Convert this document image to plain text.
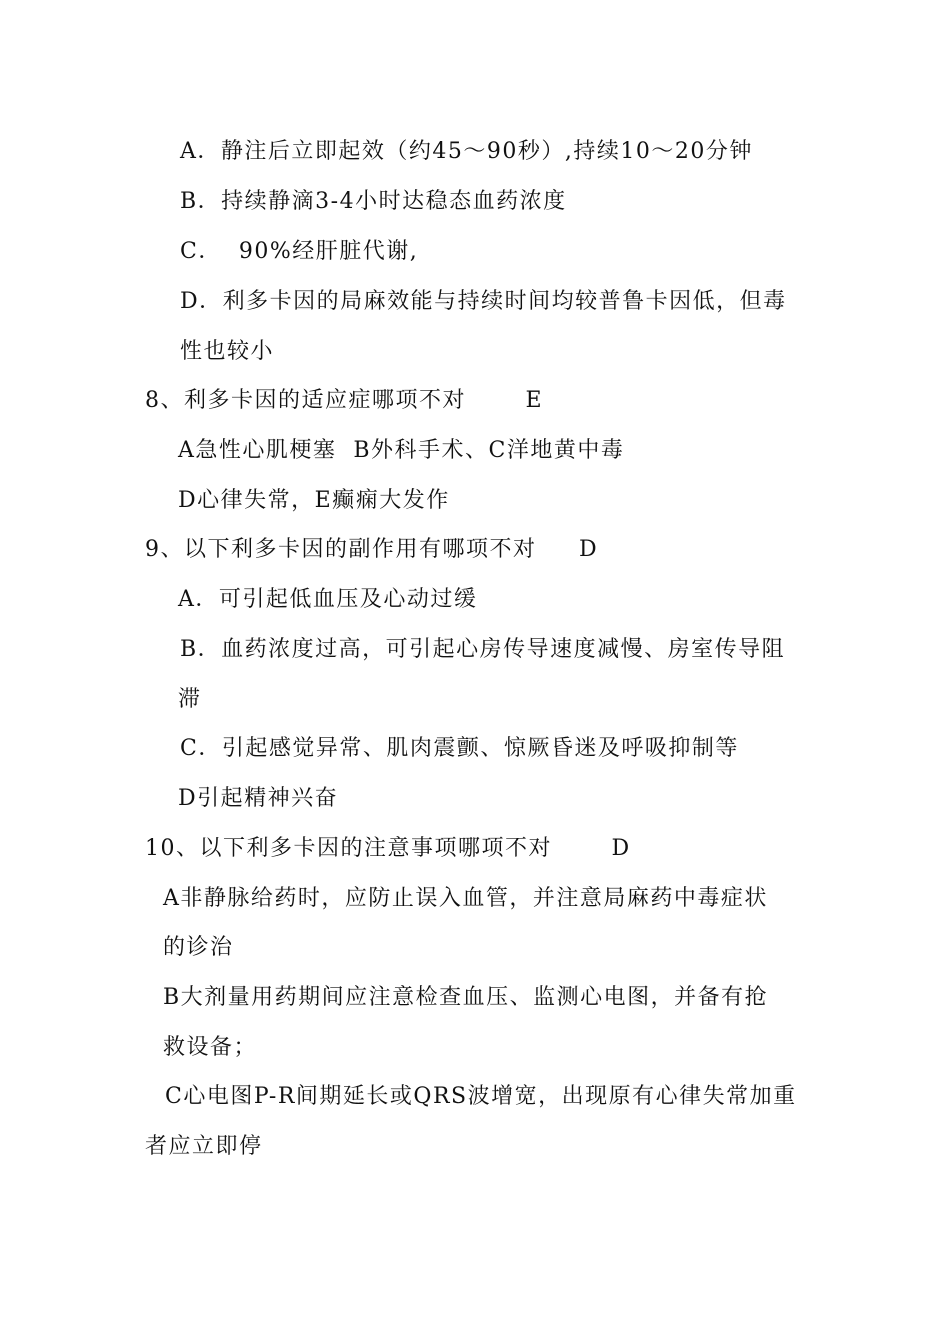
A．静注后立即起效（约45～90秒）,持续10～20分钟
B．持续静滴3-4小时达稳态血药浓度
C．  90%经肝脏代谢,
D．利多卡因的局麻效能与持续时间均较普鲁卡因低，但毒
性也较小
8、利多卡因的适应症哪项不对       E
A急性心肌梗塞  B外科手术、C洋地黄中毒
D心律失常，E癫痫大发作
9、以下利多卡因的副作用有哪项不对     D
A．可引起低血压及心动过缓
B．血药浓度过高，可引起心房传导速度减慢、房室传导阻
滞
C．引起感觉异常、肌肉震颤、惊厥昏迷及呼吸抑制等
D引起精神兴奋
10、以下利多卡因的注意事项哪项不对       D
A非静脉给药时，应防止误入血管，并注意局麻药中毒症状
的诊治
B大剂量用药期间应注意检查血压、监测心电图，并备有抢
救设备；
C心电图P-R间期延长或QRS波增宽，出现原有心律失常加重
者应立即停
